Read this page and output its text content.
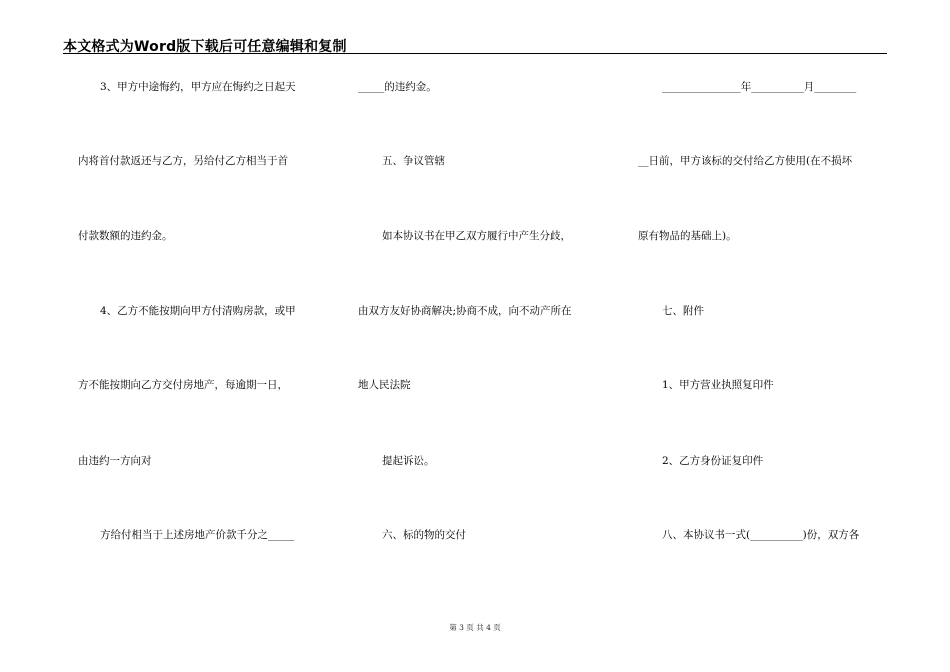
本文格式为Word版下载后可任意编辑和复制
3、甲方中途悔约，甲方应在悔约之日起天
内将首付款返还与乙方，另给付乙方相当于首
付款数额的违约金。
4、乙方不能按期向甲方付清购房款，或甲
方不能按期向乙方交付房地产，每逾期一日，
由违约一方向对
方给付相当于上述房地产价款千分之_____
_____的违约金。
五、争议管辖
如本协议书在甲乙双方履行中产生分歧，
由双方友好协商解决;协商不成，向不动产所在
地人民法院
提起诉讼。
六、标的物的交付
_______________年__________月________
__日前，甲方该标的交付给乙方使用(在不损坏
原有物品的基础上)。
七、附件
1、甲方营业执照复印件
2、乙方身份证复印件
八、本协议书一式(__________)份，双方各
第 3 页 共 4 页
